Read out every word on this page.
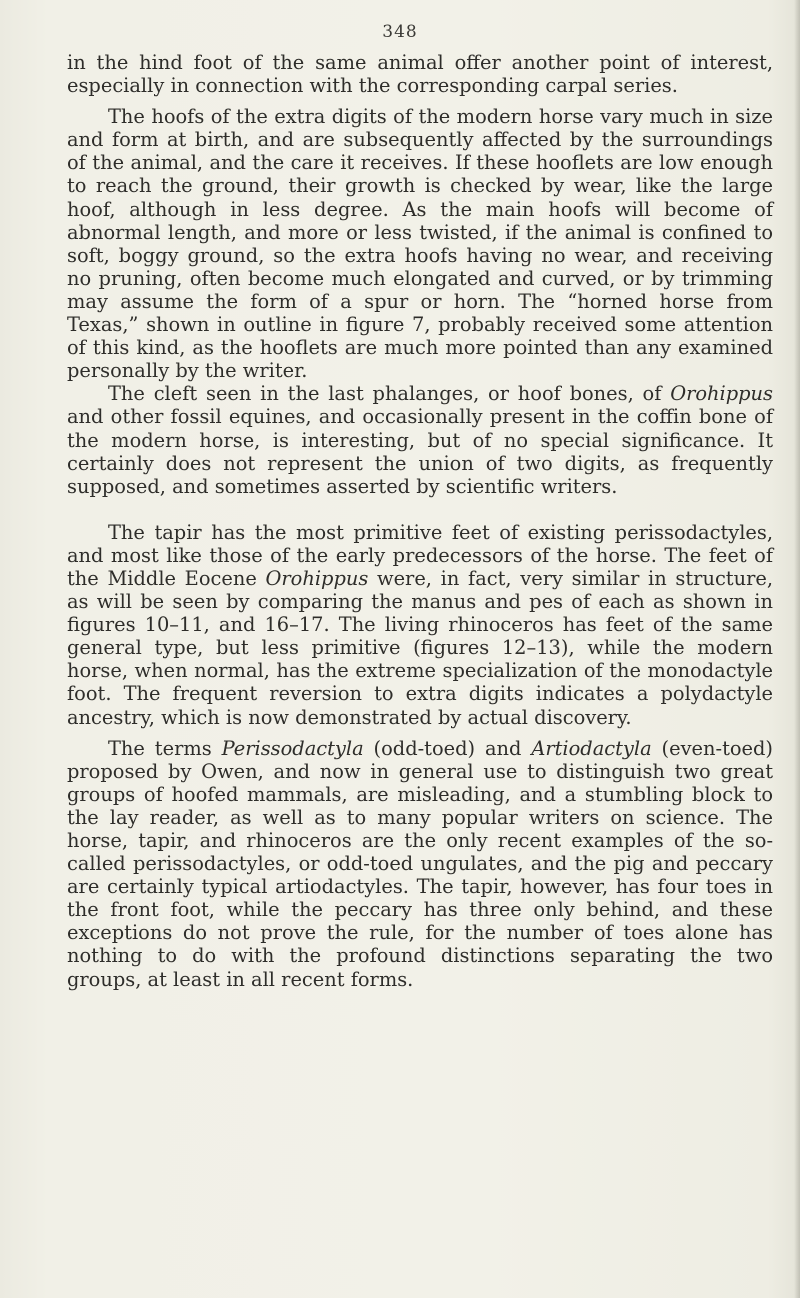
348

in the hind foot of the same animal offer another point of interest, especially in connection with the corresponding carpal series.

The hoofs of the extra digits of the modern horse vary much in size and form at birth, and are subsequently affected by the surroundings of the animal, and the care it receives. If these hooflets are low enough to reach the ground, their growth is checked by wear, like the large hoof, although in less degree. As the main hoofs will become of abnormal length, and more or less twisted, if the animal is confined to soft, boggy ground, so the extra hoofs having no wear, and receiving no pruning, often become much elongated and curved, or by trimming may assume the form of a spur or horn. The “horned horse from Texas,” shown in outline in figure 7, probably received some attention of this kind, as the hooflets are much more pointed than any examined personally by the writer.

The cleft seen in the last phalanges, or hoof bones, of Orohippus and other fossil equines, and occasionally present in the coffin bone of the modern horse, is interesting, but of no special significance. It certainly does not represent the union of two digits, as frequently supposed, and sometimes asserted by scientific writers.

The tapir has the most primitive feet of existing perissodactyles, and most like those of the early predecessors of the horse. The feet of the Middle Eocene Orohippus were, in fact, very similar in structure, as will be seen by comparing the manus and pes of each as shown in figures 10–11, and 16–17. The living rhinoceros has feet of the same general type, but less primitive (figures 12–13), while the modern horse, when normal, has the extreme specialization of the monodactyle foot. The frequent reversion to extra digits indicates a polydactyle ancestry, which is now demonstrated by actual discovery.

The terms Perissodactyla (odd-toed) and Artiodactyla (even-toed) proposed by Owen, and now in general use to distinguish two great groups of hoofed mammals, are misleading, and a stumbling block to the lay reader, as well as to many popular writers on science. The horse, tapir, and rhinoceros are the only recent examples of the so-called perissodactyles, or odd-toed ungulates, and the pig and peccary are certainly typical artiodactyles. The tapir, however, has four toes in the front foot, while the peccary has three only behind, and these exceptions do not prove the rule, for the number of toes alone has nothing to do with the profound distinctions separating the two groups, at least in all recent forms.
